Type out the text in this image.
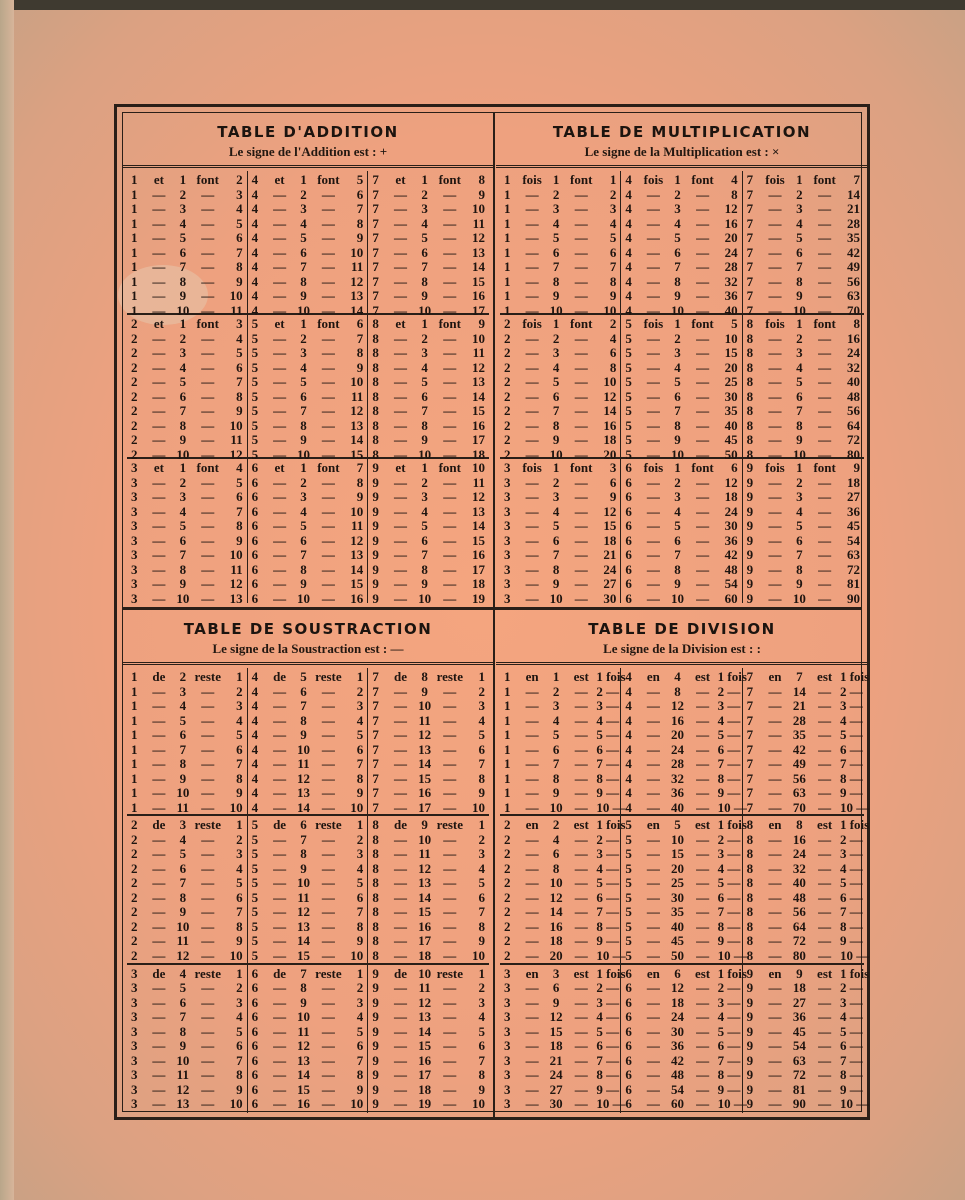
TABLE D'ADDITION
Le signe de l'Addition est : +
1	et	1 font	2
1	—	2	—	3
1	—	3	—	4
1	—	4	—	5
1	—	5	—	6
1	—	6	—	7
1	—	7	—	8
1	—	8	—	9
1	—	9	—	10
1	— 10 —	11
4	et	1 font	5
4	—	2	—	6
4	—	3	—	7
4	—	4	—	8
4	—	5	—	9
4	—	6	—	10
4	—	7	—	11
4	—	8	—	12
4	—	9	—	13
4	— 10 —	14
7	et	1 font	8
7	—	2	—	9
7	—	3	—	10
7	—	4	—	11
7	—	5	—	12
7	—	6	—	13
7	—	7	—	14
7	—	8	—	15
7	—	9	—	16
7	— 10 —	17
2	et	1 font	3
2	—	2	—	4
2	—	3	—	5
2	—	4	—	6
2	—	5	—	7
2	—	6	—	8
2	—	7	—	9
2	—	8	—	10
2	—	9	—	11
2	— 10 —	12
5	et	1 font	6
5	—	2	—	7
5	—	3	—	8
5	—	4	—	9
5	—	5	—	10
5	—	6	—	11
5	—	7	—	12
5	—	8	—	13
5	—	9	—	14
5	— 10 —	15
8	et	1 font	9
8	—	2	—	10
8	—	3	—	11
8	—	4	—	12
8	—	5	—	13
8	—	6	—	14
8	—	7	—	15
8	—	8	—	16
8	—	9	—	17
8	— 10 —	18
3	et	1 font	4
3	—	2	—	5
3	—	3	—	6
3	—	4	—	7
3	—	5	—	8
3	—	6	—	9
3	—	7	—	10
3	—	8	—	11
3	—	9	—	12
3	— 10 —	13
6	et	1 font	7
6	—	2	—	8
6	—	3	—	9
6	—	4	—	10
6	—	5	—	11
6	—	6	—	12
6	—	7	—	13
6	—	8	—	14
6	—	9	—	15
6	— 10 —	16
9	et	1 font 10
9	—	2	—	11
9	—	3	—	12
9	—	4	—	13
9	—	5	—	14
9	—	6	—	15
9	—	7	—	16
9	—	8	—	17
9	—	9	—	18
9	— 10 —	19
TABLE DE MULTIPLICATION
Le signe de la Multiplication est : ×
1 fois 1 font	1
1	—	2	—	2
1	—	3	—	3
1	—	4	—	4
1	—	5	—	5
1	—	6	—	6
1	—	7	—	7
1	—	8	—	8
1	—	9	—	9
1	— 10 —	10
4 fois 1 font	4
4	—	2	—	8
4	—	3	—	12
4	—	4	—	16
4	—	5	—	20
4	—	6	—	24
4	—	7	—	28
4	—	8	—	32
4	—	9	—	36
4	— 10 —	40
7 fois 1 font	7
7	—	2	—	14
7	—	3	—	21
7	—	4	—	28
7	—	5	—	35
7	—	6	—	42
7	—	7	—	49
7	—	8	—	56
7	—	9	—	63
7	— 10 —	70
2 fois 1 font	2
2	—	2	—	4
2	—	3	—	6
2	—	4	—	8
2	—	5	—	10
2	—	6	—	12
2	—	7	—	14
2	—	8	—	16
2	—	9	—	18
2	— 10 —	20
5 fois 1 font	5
5	—	2	—	10
5	—	3	—	15
5	—	4	—	20
5	—	5	—	25
5	—	6	—	30
5	—	7	—	35
5	—	8	—	40
5	—	9	—	45
5	— 10 —	50
8 fois 1 font	8
8	—	2	—	16
8	—	3	—	24
8	—	4	—	32
8	—	5	—	40
8	—	6	—	48
8	—	7	—	56
8	—	8	—	64
8	—	9	—	72
8	— 10 —	80
3 fois 1 font	3
3	—	2	—	6
3	—	3	—	9
3	—	4	—	12
3	—	5	—	15
3	—	6	—	18
3	—	7	—	21
3	—	8	—	24
3	—	9	—	27
3	— 10 —	30
6 fois 1 font	6
6	—	2	—	12
6	—	3	—	18
6	—	4	—	24
6	—	5	—	30
6	—	6	—	36
6	—	7	—	42
6	—	8	—	48
6	—	9	—	54
6	— 10 —	60
9 fois 1 font	9
9	—	2	—	18
9	—	3	—	27
9	—	4	—	36
9	—	5	—	45
9	—	6	—	54
9	—	7	—	63
9	—	8	—	72
9	—	9	—	81
9	— 10 —	90
TABLE DE SOUSTRACTION
Le signe de la Soustraction est : —
1	de	2 reste	1
1	—	3	—	2
1	—	4	—	3
1	—	5	—	4
1	—	6	—	5
1	—	7	—	6
1	—	8	—	7
1	—	9	—	8
1	— 10 —	9
1	— 11 —	10
4	de	5 reste	1
4	—	6	—	2
4	—	7	—	3
4	—	8	—	4
4	—	9	—	5
4	— 10 —	6
4	— 11 —	7
4	— 12 —	8
4	— 13 —	9
4	— 14 —	10
7	de	8 reste	1
7	—	9	—	2
7	— 10 —	3
7	— 11 —	4
7	— 12 —	5
7	— 13 —	6
7	— 14 —	7
7	— 15 —	8
7	— 16 —	9
7	— 17 —	10
2	de	3 reste	1
2	—	4	—	2
2	—	5	—	3
2	—	6	—	4
2	—	7	—	5
2	—	8	—	6
2	—	9	—	7
2	— 10 —	8
2	— 11 —	9
2	— 12 —	10
5	de	6 reste	1
5	—	7	—	2
5	—	8	—	3
5	—	9	—	4
5	— 10 —	5
5	— 11 —	6
5	— 12 —	7
5	— 13 —	8
5	— 14 —	9
5	— 15 —	10
8	de	9 reste	1
8	— 10 —	2
8	— 11 —	3
8	— 12 —	4
8	— 13 —	5
8	— 14 —	6
8	— 15 —	7
8	— 16 —	8
8	— 17 —	9
8	— 18 —	10
3	de	4 reste	1
3	—	5	—	2
3	—	6	—	3
3	—	7	—	4
3	—	8	—	5
3	—	9	—	6
3	— 10 —	7
3	— 11 —	8
3	— 12 —	9
3	— 13 —	10
6	de	7 reste	1
6	—	8	—	2
6	—	9	—	3
6	— 10 —	4
6	— 11 —	5
6	— 12 —	6
6	— 13 —	7
6	— 14 —	8
6	— 15 —	9
6	— 16 —	10
9	de 10 reste	1
9	— 11 —	2
9	— 12 —	3
9	— 13 —	4
9	— 14 —	5
9	— 15 —	6
9	— 16 —	7
9	— 17 —	8
9	— 18 —	9
9	— 19 —	10
TABLE DE DIVISION
Le signe de la Division est : :
1	en	1	est 1 fois
1	—	2	— 2 —
1	—	3	— 3 —
1	—	4	— 4 —
1	—	5	— 5 —
1	—	6	— 6 —
1	—	7	— 7 —
1	—	8	— 8 —
1	—	9	— 9 —
1	— 10 — 10 —
4	en	4	est 1 fois
4	—	8	— 2 —
4	— 12 — 3 —
4	— 16 — 4 —
4	— 20 — 5 —
4	— 24 — 6 —
4	— 28 — 7 —
4	— 32 — 8 —
4	— 36 — 9 —
4	— 40 — 10 —
7	en	7	est 1 fois
7	— 14 — 2 —
7	— 21 — 3 —
7	— 28 — 4 —
7	— 35 — 5 —
7	— 42 — 6 —
7	— 49 — 7 —
7	— 56 — 8 —
7	— 63 — 9 —
7	— 70 — 10 —
2	en	2	est 1 fois
2	—	4	— 2 —
2	—	6	— 3 —
2	—	8	— 4 —
2	— 10 — 5 —
2	— 12 — 6 —
2	— 14 — 7 —
2	— 16 — 8 —
2	— 18 — 9 —
2	— 20 — 10 —
5	en	5	est 1 fois
5	— 10 — 2 —
5	— 15 — 3 —
5	— 20 — 4 —
5	— 25 — 5 —
5	— 30 — 6 —
5	— 35 — 7 —
5	— 40 — 8 —
5	— 45 — 9 —
5	— 50 — 10 —
8	en	8	est 1 fois
8	— 16 — 2 —
8	— 24 — 3 —
8	— 32 — 4 —
8	— 40 — 5 —
8	— 48 — 6 —
8	— 56 — 7 —
8	— 64 — 8 —
8	— 72 — 9 —
8	— 80 — 10 —
3	en	3	est 1 fois
3	—	6	— 2 —
3	—	9	— 3 —
3	— 12 — 4 —
3	— 15 — 5 —
3	— 18 — 6 —
3	— 21 — 7 —
3	— 24 — 8 —
3	— 27 — 9 —
3	— 30 — 10 —
6	en	6	est 1 fois
6	— 12 — 2 —
6	— 18 — 3 —
6	— 24 — 4 —
6	— 30 — 5 —
6	— 36 — 6 —
6	— 42 — 7 —
6	— 48 — 8 —
6	— 54 — 9 —
6	— 60 — 10 —
9	en	9	est 1 fois
9	— 18 — 2 —
9	— 27 — 3 —
9	— 36 — 4 —
9	— 45 — 5 —
9	— 54 — 6 —
9	— 63 — 7 —
9	— 72 — 8 —
9	— 81 — 9 —
9	— 90 — 10 —
